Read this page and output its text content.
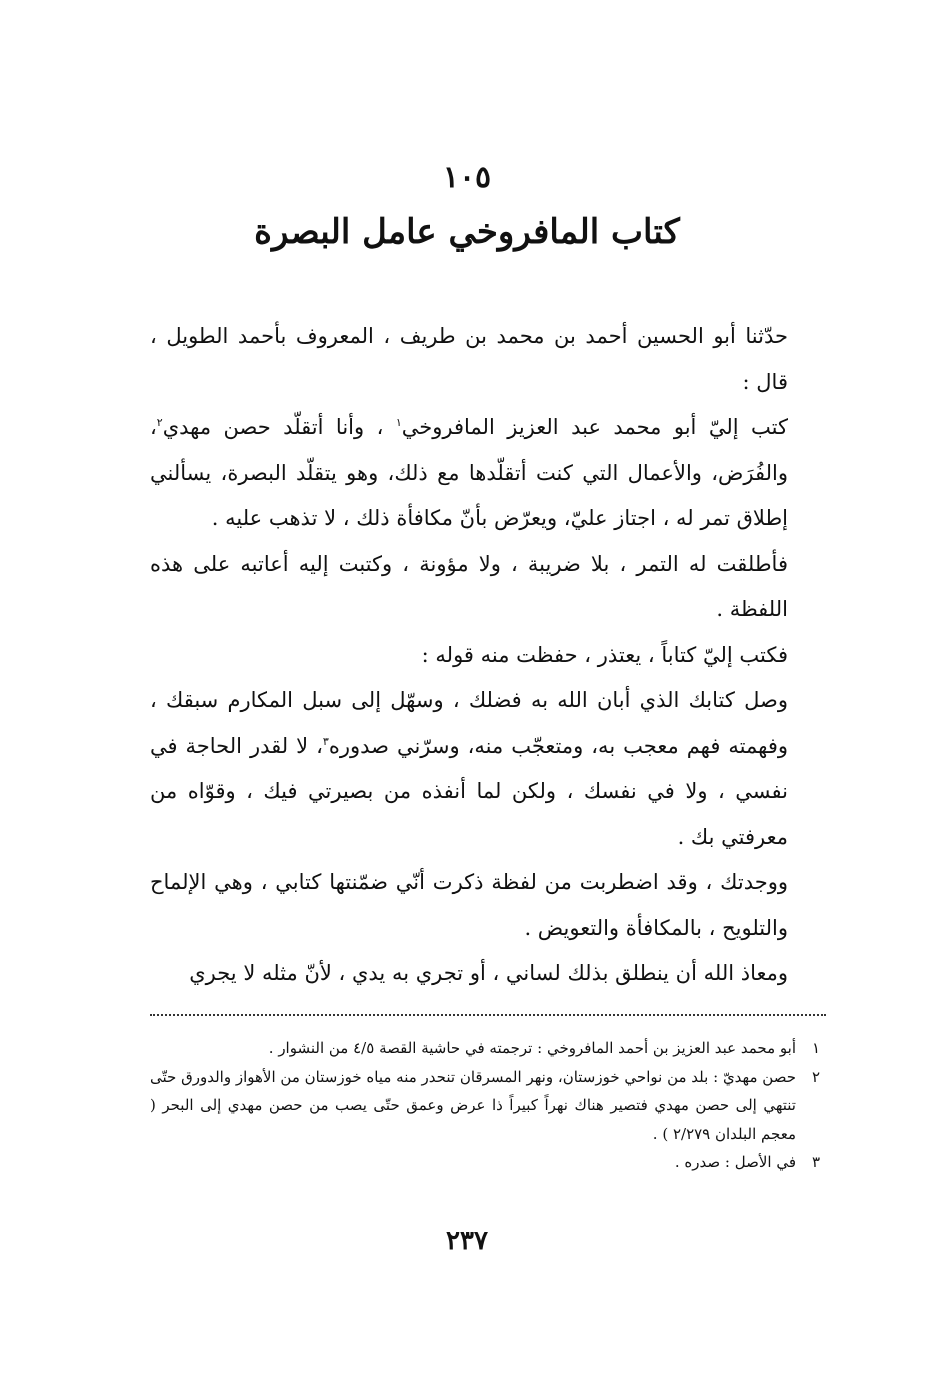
١٠٥
كتاب المافروخي عامل البصرة

حدّثنا أبو الحسين أحمد بن محمد بن طريف ، المعروف بأحمد الطويل ، قال :

كتب إليّ أبو محمد عبد العزيز المافروخي$^١$ ، وأنا أتقلّد حصن مهدي$^٢$، والفُرَض، والأعمال التي كنت أتقلّدها مع ذلك، وهو يتقلّد البصرة، يسألني إطلاق تمر له ، اجتاز عليّ، ويعرّض بأنّ مكافأة ذلك ، لا تذهب عليه .

فأطلقت له التمر ، بلا ضريبة ، ولا مؤونة ، وكتبت إليه أعاتبه على هذه اللفظة .

فكتب إليّ كتاباً ، يعتذر ، حفظت منه قوله :

وصل كتابك الذي أبان الله به فضلك ، وسهّل إلى سبل المكارم سبقك ، وفهمته فهم معجب به، ومتعجّب منه، وسرّني صدوره$^٣$، لا لقدر الحاجة في نفسي ، ولا في نفسك ، ولكن لما أنفذه من بصيرتي فيك ، وقوّاه من معرفتي بك .

ووجدتك ، وقد اضطربت من لفظة ذكرت أنّي ضمّنتها كتابي ، وهي الإلماح والتلويح ، بالمكافأة والتعويض .

ومعاذ الله أن ينطلق بذلك لساني ، أو تجري به يدي ، لأنّ مثله لا يجري

١
أبو محمد عبد العزيز بن أحمد المافروخي : ترجمته في حاشية القصة ٤/٥ من النشوار .
٢
حصن مهديّ : بلد من نواحي خوزستان، ونهر المسرقان تنحدر منه مياه خوزستان من الأهواز والدورق حتّى تنتهي إلى حصن مهدي فتصير هناك نهراً كبيراً ذا عرض وعمق حتّى يصب من حصن مهدي إلى البحر ( معجم البلدان ٢/٢٧٩ ) .
٣
في الأصل : صدره .
٢٣٧
